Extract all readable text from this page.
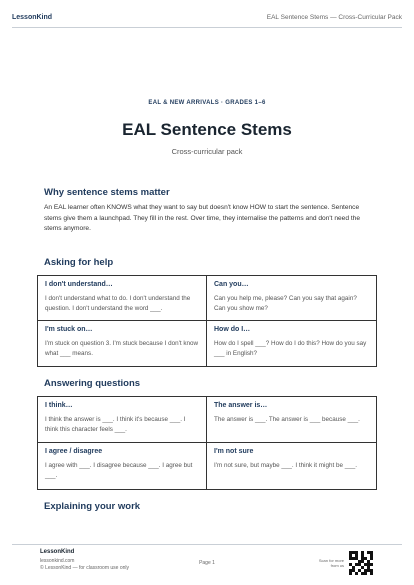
LessonKind	EAL Sentence Stems — Cross-Curricular Pack
EAL & NEW ARRIVALS · GRADES 1–6
EAL Sentence Stems
Cross-curricular pack
Why sentence stems matter
An EAL learner often KNOWS what they want to say but doesn't know HOW to start the sentence. Sentence stems give them a launchpad. They fill in the rest. Over time, they internalise the patterns and don't need the stems anymore.
Asking for help
I don't understand…
I don't understand what to do. I don't understand the question. I don't understand the word ___.
Can you…
Can you help me, please? Can you say that again? Can you show me?
I'm stuck on…
I'm stuck on question 3. I'm stuck because I don't know what ___ means.
How do I…
How do I spell ___? How do I do this? How do you say ___ in English?
Answering questions
I think…
I think the answer is ___. I think it's because ___. I think this character feels ___.
The answer is…
The answer is ___. The answer is ___ because ___.
I agree / disagree
I agree with ___. I disagree because ___. I agree but ___.
I'm not sure
I'm not sure, but maybe ___. I think it might be ___.
Explaining your work
LessonKind
lessonkind.com
© LessonKind — for classroom use only
Page 1	Scan for more from us
